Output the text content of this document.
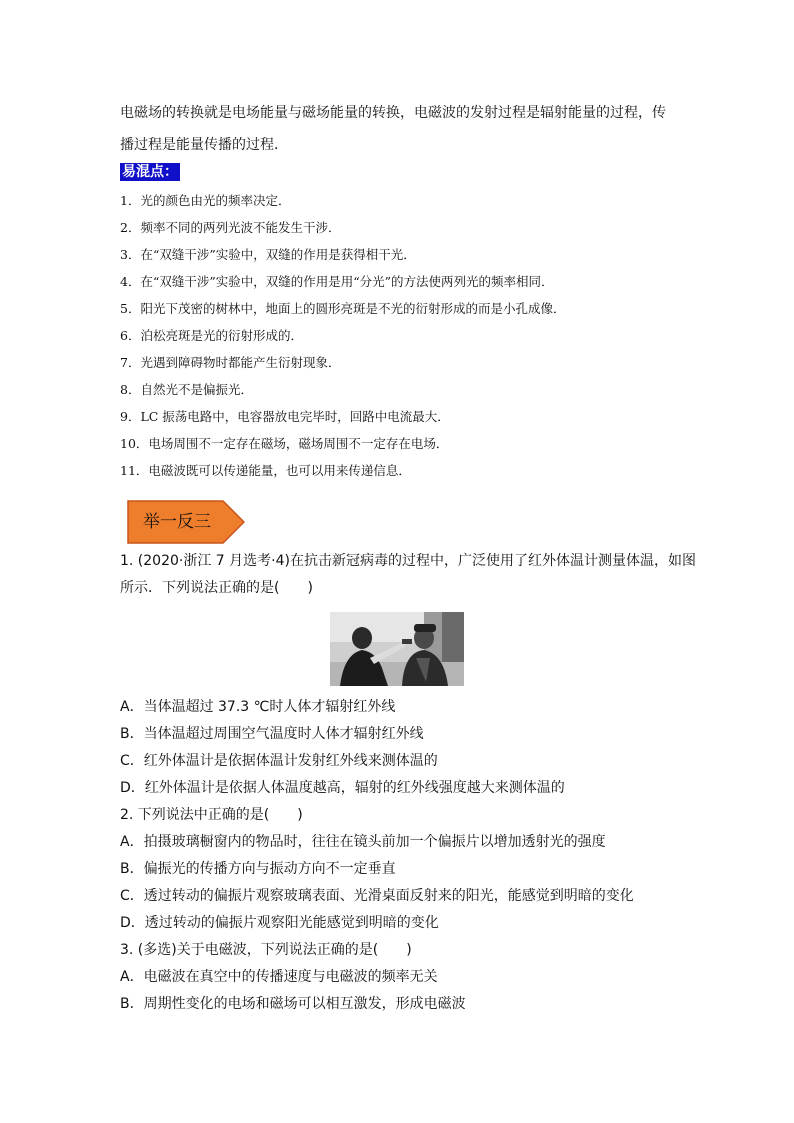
电磁场的转换就是电场能量与磁场能量的转换，电磁波的发射过程是辐射能量的过程，传
播过程是能量传播的过程．
易混点：
1．光的颜色由光的频率决定．
2．频率不同的两列光波不能发生干涉．
3．在“双缝干涉”实验中，双缝的作用是获得相干光．
4．在“双缝干涉”实验中，双缝的作用是用“分光”的方法使两列光的频率相同．
5．阳光下茂密的树林中，地面上的圆形亮斑是不光的衍射形成的而是小孔成像．
6．泊松亮斑是光的衍射形成的．
7．光遇到障碍物时都能产生衍射现象．
8．自然光不是偏振光．
9．LC 振荡电路中，电容器放电完毕时，回路中电流最大．
10．电场周围不一定存在磁场，磁场周围不一定存在电场．
11．电磁波既可以传递能量，也可以用来传递信息．
举一反三
1. (2020·浙江 7 月选考·4)在抗击新冠病毒的过程中，广泛使用了红外体温计测量体温，如图
所示．下列说法正确的是(　　)
A．当体温超过 37.3 ℃时人体才辐射红外线
B．当体温超过周围空气温度时人体才辐射红外线
C．红外体温计是依据体温计发射红外线来测体温的
D．红外体温计是依据人体温度越高，辐射的红外线强度越大来测体温的
2. 下列说法中正确的是(　　)
A．拍摄玻璃橱窗内的物品时，往往在镜头前加一个偏振片以增加透射光的强度
B．偏振光的传播方向与振动方向不一定垂直
C．透过转动的偏振片观察玻璃表面、光滑桌面反射来的阳光，能感觉到明暗的变化
D．透过转动的偏振片观察阳光能感觉到明暗的变化
3. (多选)关于电磁波，下列说法正确的是(　　)
A．电磁波在真空中的传播速度与电磁波的频率无关
B．周期性变化的电场和磁场可以相互激发，形成电磁波
